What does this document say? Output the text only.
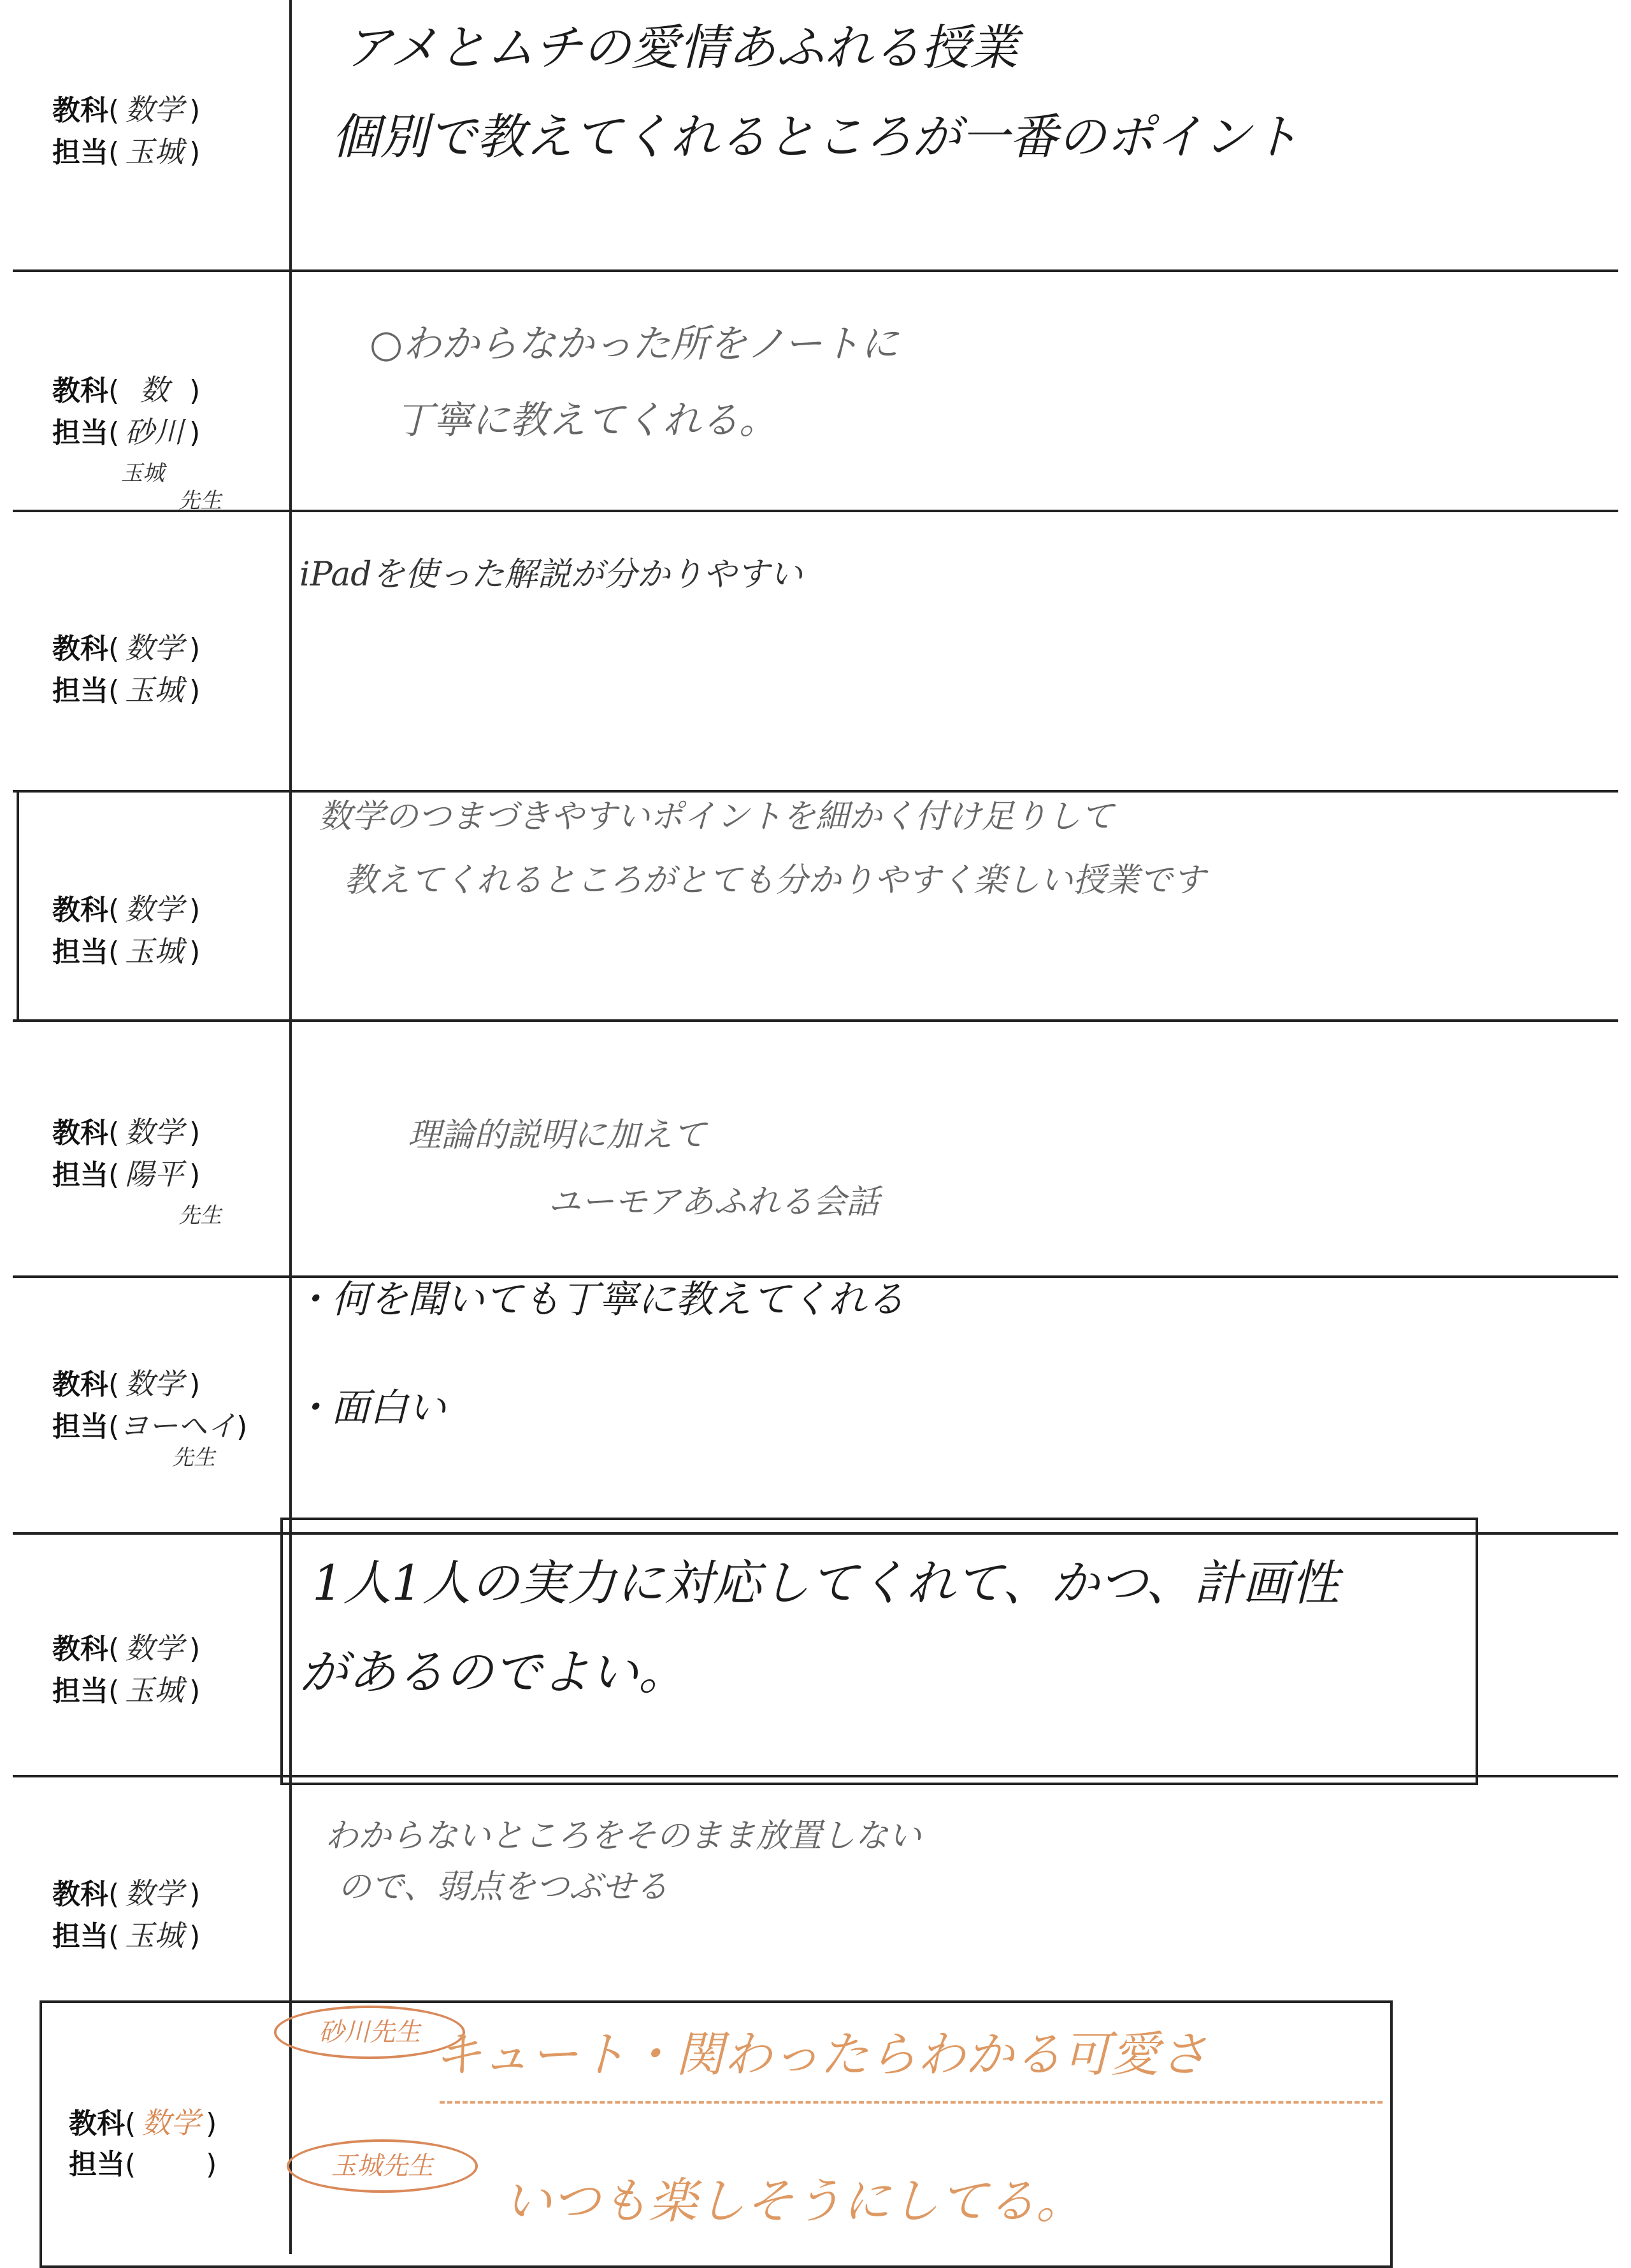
教科( 数学 )
担当( 玉城 )
アメとムチの愛情あふれる授業
個別で教えてくれるところが一番のポイント
教科( 数 )
担当( 砂川 )
玉城
先生
○わからなかった所をノートに
丁寧に教えてくれる。
教科( 数学 )
担当( 玉城 )
iPadを使った解説が分かりやすい
教科( 数学 )
担当( 玉城 )
数学のつまづきやすいポイントを細かく付け足りして
教えてくれるところがとても分かりやすく楽しい授業です
教科( 数学 )
担当( 陽平 )
先生
理論的説明に加えて
ユーモアあふれる会話
教科( 数学 )
担当(ヨーヘイ)
先生
・何を聞いても丁寧に教えてくれる
・面白い
教科( 数学 )
担当( 玉城 )
1人1人の実力に対応してくれて、かつ、計画性
があるのでよい。
教科( 数学 )
担当( 玉城 )
わからないところをそのまま放置しない
ので、弱点をつぶせる
教科( 数学 )
担当(	)
砂川先生
玉城先生
キュート・関わったらわかる可愛さ
いつも楽しそうにしてる。
